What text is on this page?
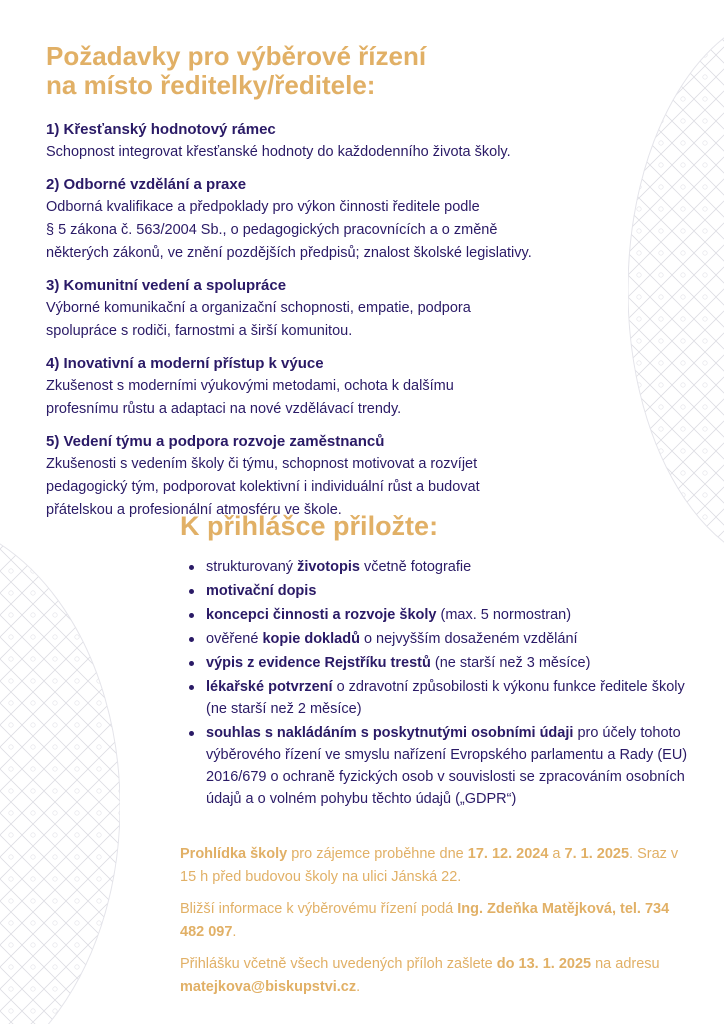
Požadavky pro výběrové řízení
na místo ředitelky/ředitele:
1) Křesťanský hodnotový rámec

Schopnost integrovat křesťanské hodnoty do každodenního života školy.

2) Odborné vzdělání a praxe

Odborná kvalifikace a předpoklady pro výkon činnosti ředitele podle

§ 5 zákona č. 563/2004 Sb., o pedagogických pracovnících a o změně

některých zákonů, ve znění pozdějších předpisů; znalost školské legislativy.

3) Komunitní vedení a spolupráce

Výborné komunikační a organizační schopnosti, empatie, podpora

spolupráce s rodiči, farnostmi a širší komunitou.

4) Inovativní a moderní přístup k výuce

Zkušenost s moderními výukovými metodami, ochota k dalšímu

profesnímu růstu a adaptaci na nové vzdělávací trendy.

5) Vedení týmu a podpora rozvoje zaměstnanců

Zkušenosti s vedením školy či týmu, schopnost motivovat a rozvíjet

pedagogický tým, podporovat kolektivní i individuální růst a budovat

přátelskou a profesionální atmosféru ve škole.

K přihlášce přiložte:
strukturovaný životopis včetně fotografie
motivační dopis
koncepci činnosti a rozvoje školy (max. 5 normostran)
ověřené kopie dokladů o nejvyšším dosaženém vzdělání
výpis z evidence Rejstříku trestů (ne starší než 3 měsíce)
lékařské potvrzení o zdravotní způsobilosti k výkonu funkce ředitele školy (ne starší než 2 měsíce)
souhlas s nakládáním s poskytnutými osobními údaji pro účely tohoto výběrového řízení ve smyslu nařízení Evropského parlamentu a Rady (EU) 2016/679 o ochraně fyzických osob v souvislosti se zpracováním osobních údajů a o volném pohybu těchto údajů („GDPR“)

Prohlídka školy pro zájemce proběhne dne 17. 12. 2024 a 7. 1. 2025. Sraz v 15 h před budovou školy na ulici Jánská 22.

Bližší informace k výběrovému řízení podá Ing. Zdeňka Matějková, tel. 734 482 097.

Přihlášku včetně všech uvedených příloh zašlete do 13. 1. 2025 na adresu matejkova@biskupstvi.cz.
